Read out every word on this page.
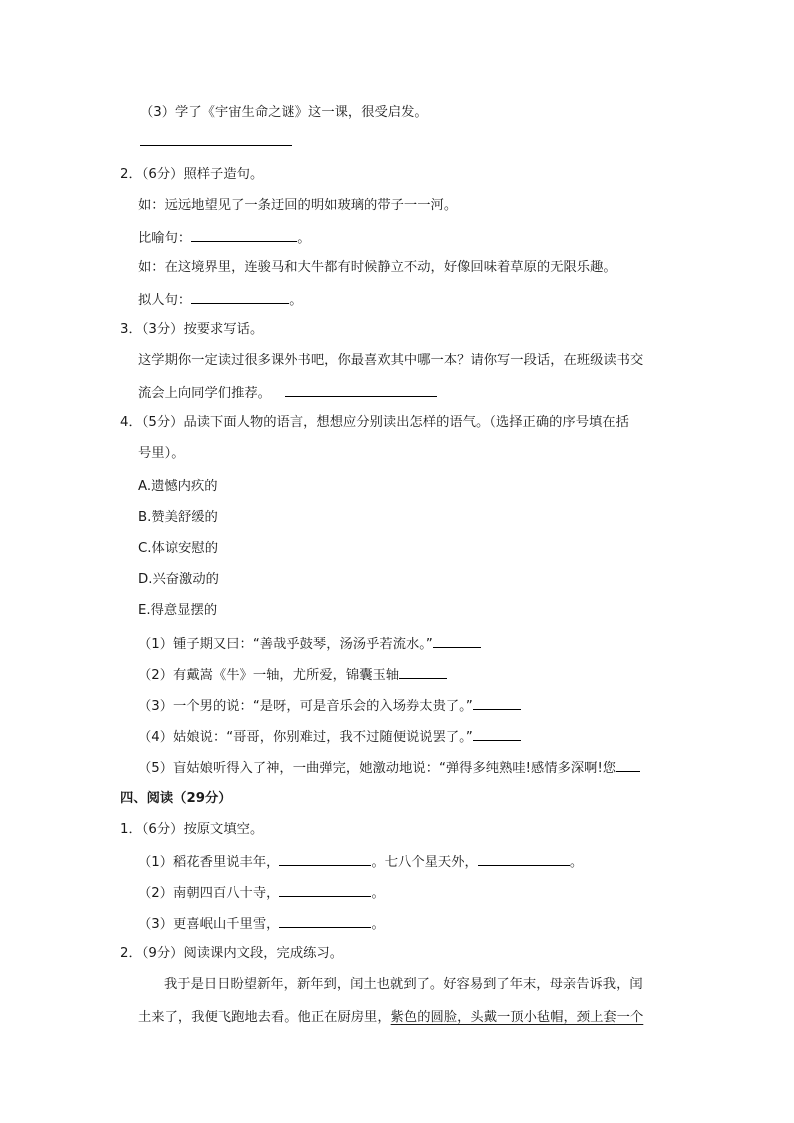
（3）学了《宇宙生命之谜》这一课，很受启发。
2．（6分）照样子造句。
如：远远地望见了一条迂回的明如玻璃的带子一一河。
比喻句：	。
如：在这境界里，连骏马和大牛都有时候静立不动，好像回味着草原的无限乐趣。
拟人句：	。
3．（3分）按要求写话。
这学期你一定读过很多课外书吧，你最喜欢其中哪一本？请你写一段话，在班级读书交
流会上向同学们推荐。
4．（5分）品读下面人物的语言，想想应分别读出怎样的语气。（选择正确的序号填在括
号里）。
A.遗憾内疚的
B.赞美舒缓的
C.体谅安慰的
D.兴奋激动的
E.得意显摆的
（1）锺子期又曰：“善哉乎鼓琴，汤汤乎若流水。”
（2）有戴嵩《牛》一轴，尤所爱，锦囊玉轴
（3）一个男的说：“是呀，可是音乐会的入场券太贵了。”
（4）姑娘说：“哥哥，你别难过，我不过随便说说罢了。”
（5）盲姑娘听得入了神，一曲弹完，她激动地说：“弹得多纯熟哇!感情多深啊!您
四、阅读（29分）
1．（6分）按原文填空。
（1）稻花香里说丰年，	。七八个星天外，	。
（2）南朝四百八十寺，	。
（3）更喜岷山千里雪，	。
2．（9分）阅读课内文段，完成练习。
我于是日日盼望新年，新年到，闰土也就到了。好容易到了年末，母亲告诉我，闰
土来了，我便飞跑地去看。他正在厨房里，紫色的圆脸，头戴一顶小毡帽，颈上套一个
